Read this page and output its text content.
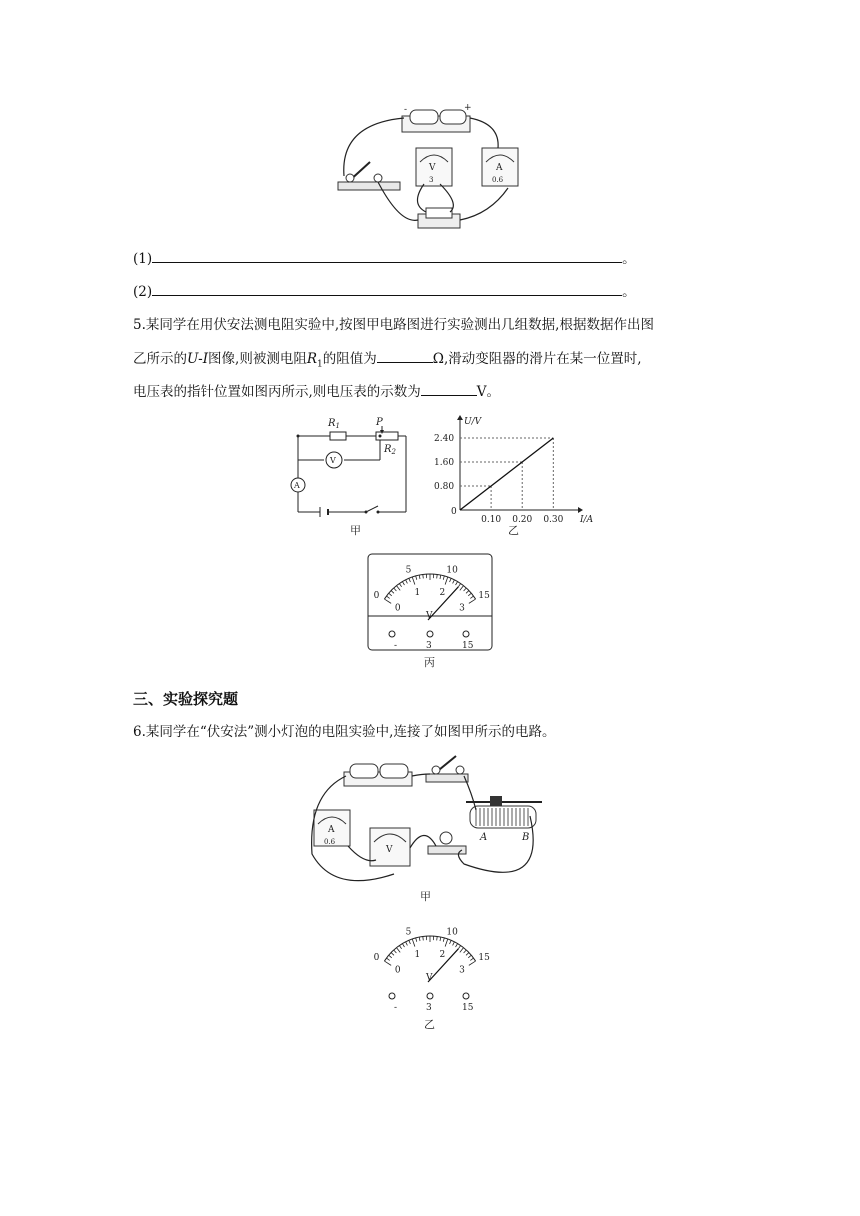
-	+
V
3
A
0.6
(1)	。
(2)	。
5.某同学在用伏安法测电阻实验中,按图甲电路图进行实验测出几组数据,根据数据作出图
乙所示的U-I图像,则被测电阻$R_1$的阻值为	Ω,滑动变阻器的滑片在某一位置时,
电压表的指针位置如图丙所示,则电压表的示数为	V。
$R_1$	P
$R_2$
V
A
甲
0.10 0.20 0.30
0.80
1.60
2.40
0
I/A
U/V
乙
0
5	10
15
0
1 2
3
V
-	3	15
丙
三、实验探究题
6.某同学在“伏安法”测小灯泡的电阻实验中,连接了如图甲所示的电路。
A	B
A
0.6
V
甲
0
5	10
15
0
1 2
3
V
-	3	15
乙
